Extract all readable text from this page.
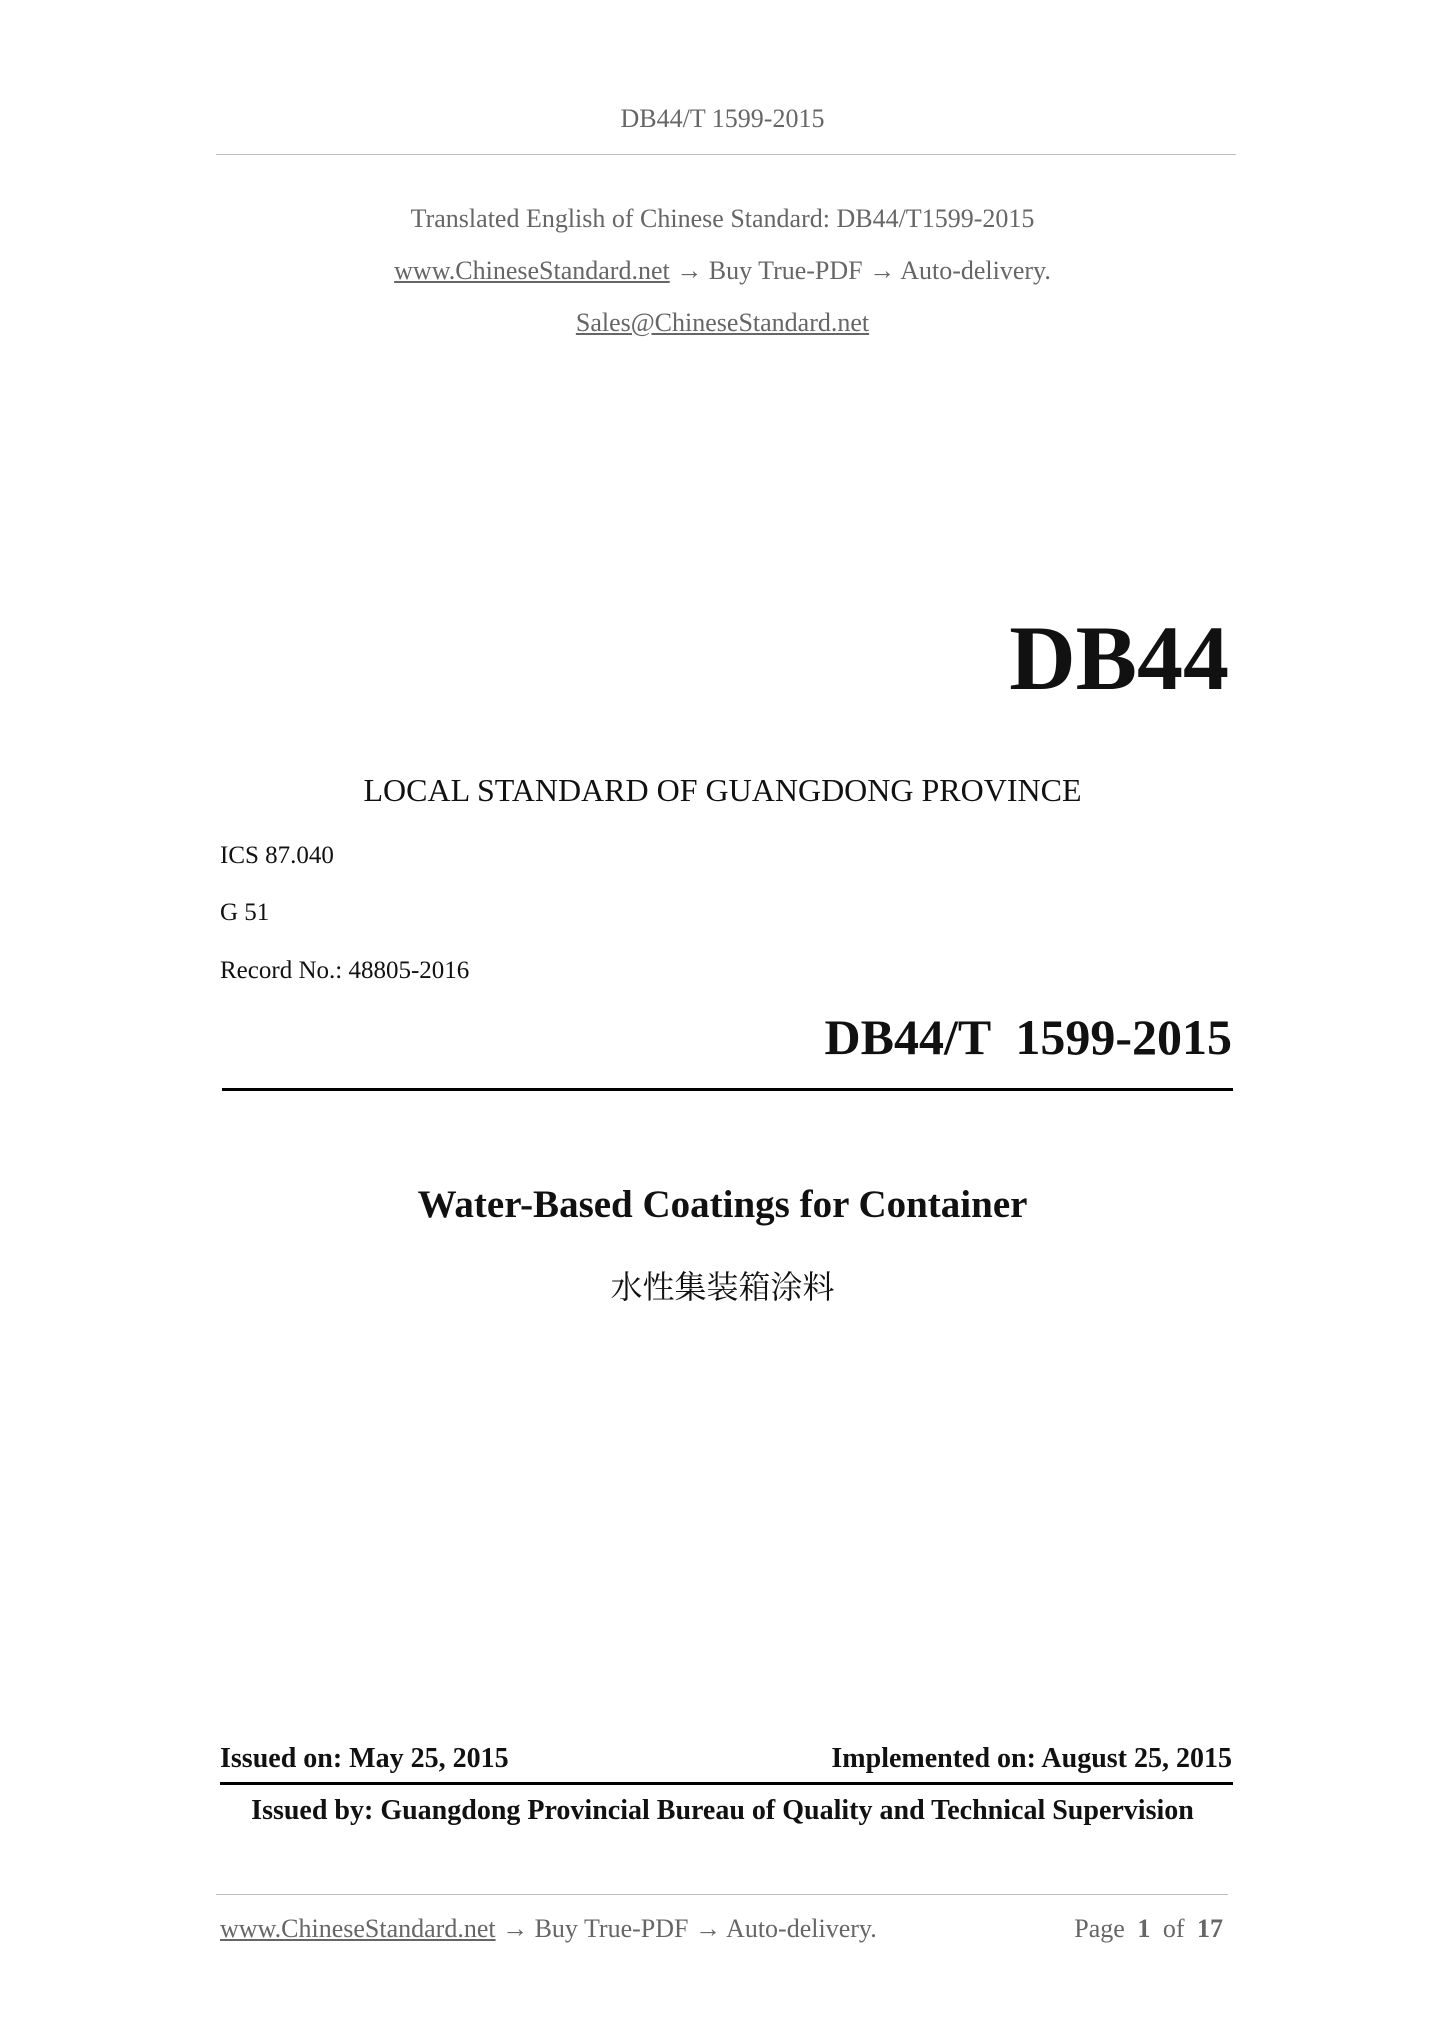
DB44/T 1599-2015
Translated English of Chinese Standard: DB44/T1599-2015
www.ChineseStandard.net → Buy True-PDF → Auto-delivery.
Sales@ChineseStandard.net
DB44
LOCAL STANDARD OF GUANGDONG PROVINCE
ICS 87.040
G 51
Record No.: 48805-2016
DB44/T  1599-2015
Water-Based Coatings for Container
水性集装箱涂料
Issued on: May 25, 2015	Implemented on: August 25, 2015
Issued by: Guangdong Provincial Bureau of Quality and Technical Supervision
www.ChineseStandard.net → Buy True-PDF → Auto-delivery.	Page 1 of 17
